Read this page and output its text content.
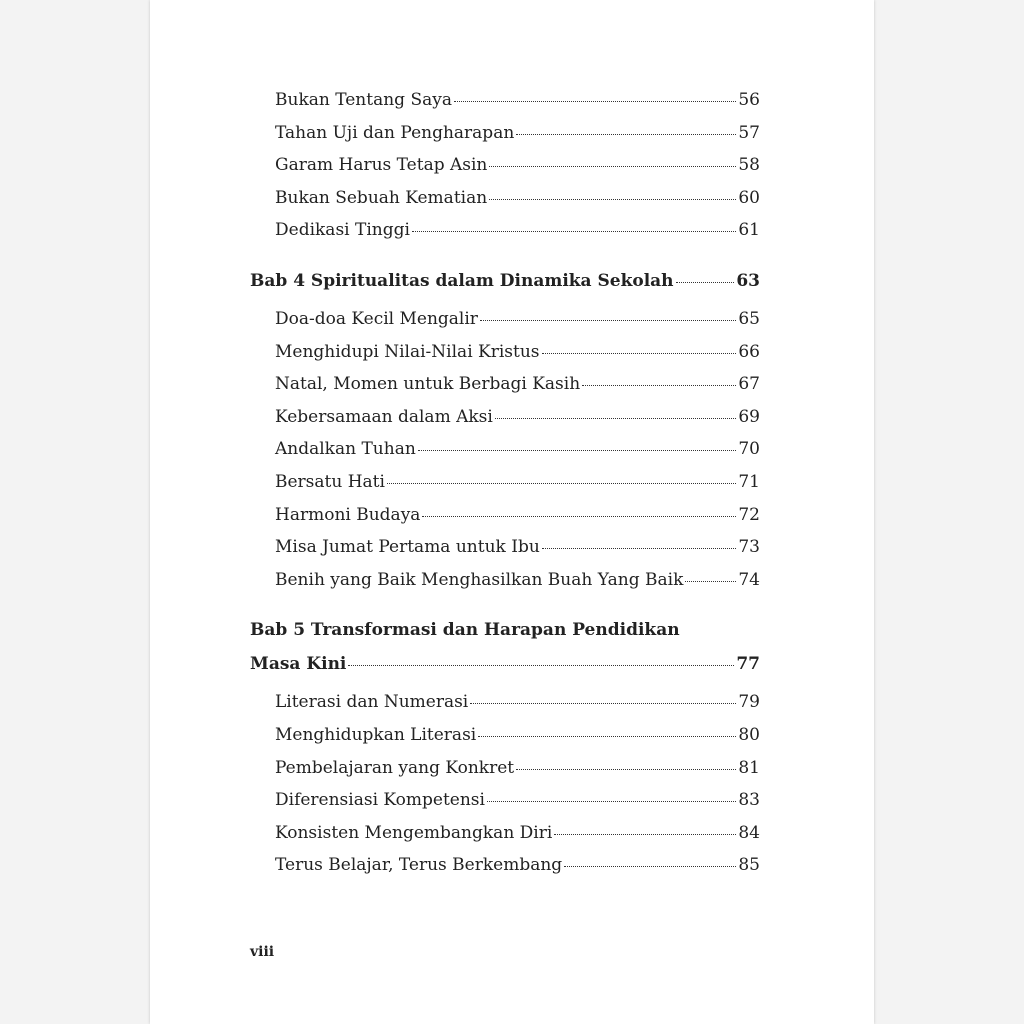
Bukan Tentang Saya	56
Tahan Uji dan Pengharapan	57
Garam Harus Tetap Asin	58
Bukan Sebuah Kematian	60
Dedikasi Tinggi	61
Bab 4 Spiritualitas dalam Dinamika Sekolah	63
Doa-doa Kecil Mengalir	65
Menghidupi Nilai-Nilai Kristus	66
Natal, Momen untuk Berbagi Kasih	67
Kebersamaan dalam Aksi	69
Andalkan Tuhan	70
Bersatu Hati	71
Harmoni Budaya	72
Misa Jumat Pertama untuk Ibu	73
Benih yang Baik Menghasilkan Buah Yang Baik	74
Bab 5 Transformasi dan Harapan Pendidikan
Masa Kini	77
Literasi dan Numerasi	79
Menghidupkan Literasi	80
Pembelajaran yang Konkret	81
Diferensiasi Kompetensi	83
Konsisten Mengembangkan Diri	84
Terus Belajar, Terus Berkembang	85
viii
